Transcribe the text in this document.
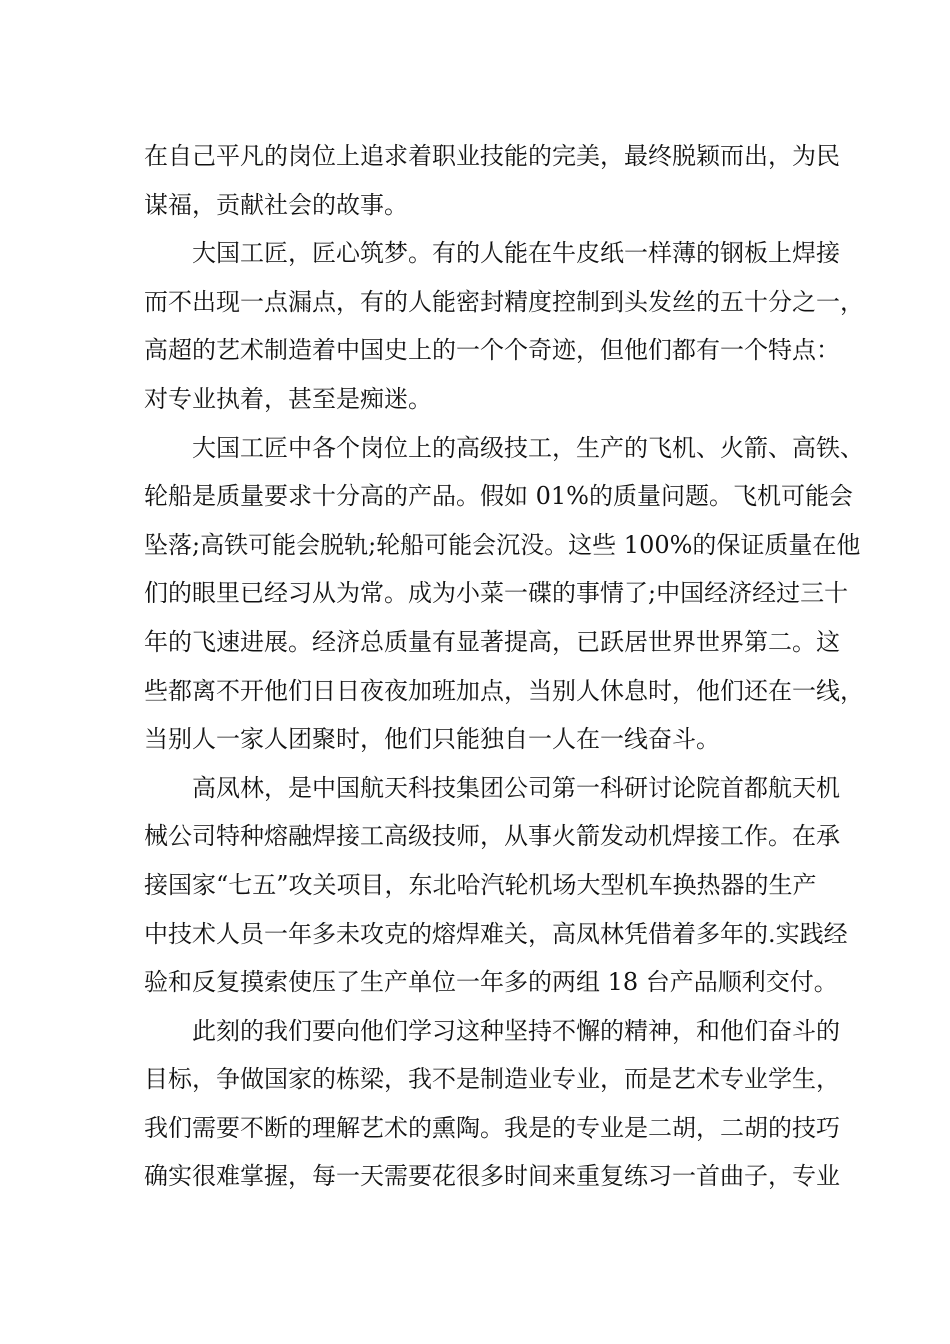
在自己平凡的岗位上追求着职业技能的完美，最终脱颖而出，为民
谋福，贡献社会的故事。
　　大国工匠，匠心筑梦。有的人能在牛皮纸一样薄的钢板上焊接
而不出现一点漏点，有的人能密封精度控制到头发丝的五十分之一，
高超的艺术制造着中国史上的一个个奇迹，但他们都有一个特点：
对专业执着，甚至是痴迷。
　　大国工匠中各个岗位上的高级技工，生产的飞机、火箭、高铁、
轮船是质量要求十分高的产品。假如 01%的质量问题。飞机可能会
坠落;高铁可能会脱轨;轮船可能会沉没。这些 100%的保证质量在他
们的眼里已经习从为常。成为小菜一碟的事情了;中国经济经过三十
年的飞速进展。经济总质量有显著提高，已跃居世界世界第二。这
些都离不开他们日日夜夜加班加点，当别人休息时，他们还在一线，
当别人一家人团聚时，他们只能独自一人在一线奋斗。
　　高凤林，是中国航天科技集团公司第一科研讨论院首都航天机
械公司特种熔融焊接工高级技师，从事火箭发动机焊接工作。在承
接国家“七五”攻关项目，东北哈汽轮机场大型机车换热器的生产
中技术人员一年多未攻克的熔焊难关，高凤林凭借着多年的.实践经
验和反复摸索使压了生产单位一年多的两组 18 台产品顺利交付。
　　此刻的我们要向他们学习这种坚持不懈的精神，和他们奋斗的
目标，争做国家的栋梁，我不是制造业专业，而是艺术专业学生，
我们需要不断的理解艺术的熏陶。我是的专业是二胡，二胡的技巧
确实很难掌握，每一天需要花很多时间来重复练习一首曲子，专业
